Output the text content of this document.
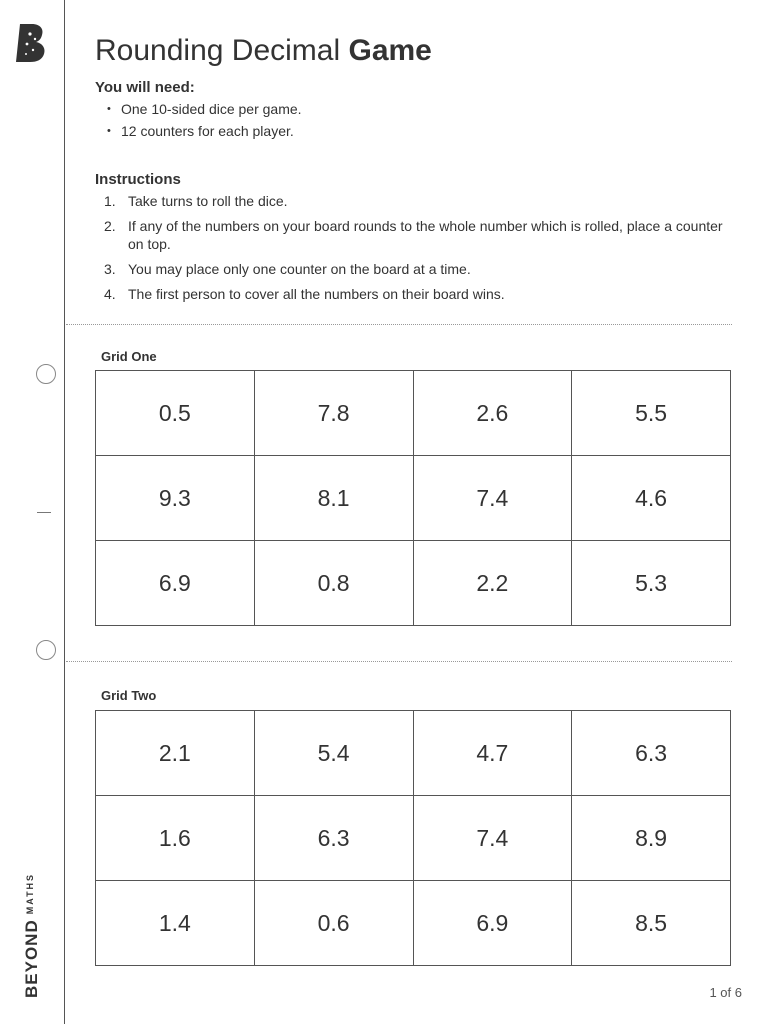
$BEYOND^{MATHS}$
Rounding Decimal Game
You will need:
• One 10-sided dice per game.
• 12 counters for each player.
Instructions
1. Take turns to roll the dice.
2. If any of the numbers on your board rounds to the whole number which is rolled, place a counter on top.
3. You may place only one counter on the board at a time.
4. The first person to cover all the numbers on their board wins.
Grid One
0.5	7.8	2.6	5.5
9.3	8.1	7.4	4.6
6.9	0.8	2.2	5.3
Grid Two
2.1	5.4	4.7	6.3
1.6	6.3	7.4	8.9
1.4	0.6	6.9	8.5
1 of 6
